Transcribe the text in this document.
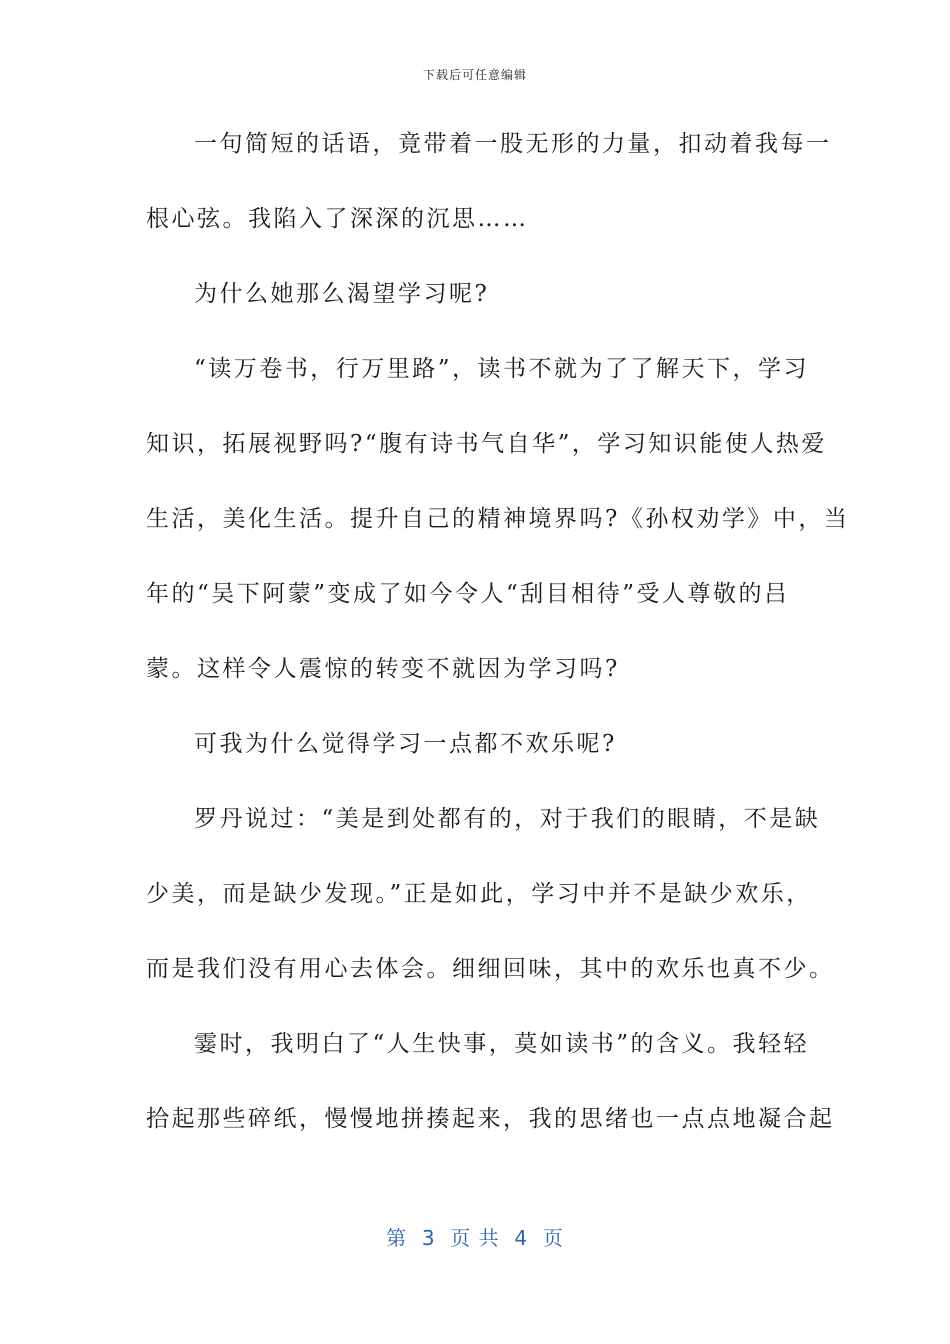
下载后可任意编辑
一句简短的话语，竟带着一股无形的力量，扣动着我每一
根心弦。我陷入了深深的沉思……
为什么她那么渴望学习呢?
“读万卷书，行万里路”，读书不就为了了解天下，学习
知识，拓展视野吗?“腹有诗书气自华”，学习知识能使人热爱
生活，美化生活。提升自己的精神境界吗?《孙权劝学》中，当
年的“吴下阿蒙”变成了如今令人“刮目相待”受人尊敬的吕
蒙。这样令人震惊的转变不就因为学习吗?
可我为什么觉得学习一点都不欢乐呢?
罗丹说过：“美是到处都有的，对于我们的眼睛，不是缺
少美，而是缺少发现。”正是如此，学习中并不是缺少欢乐，
而是我们没有用心去体会。细细回味，其中的欢乐也真不少。
霎时，我明白了“人生快事，莫如读书”的含义。我轻轻
拾起那些碎纸，慢慢地拼揍起来，我的思绪也一点点地凝合起
第  3  页 共  4  页
